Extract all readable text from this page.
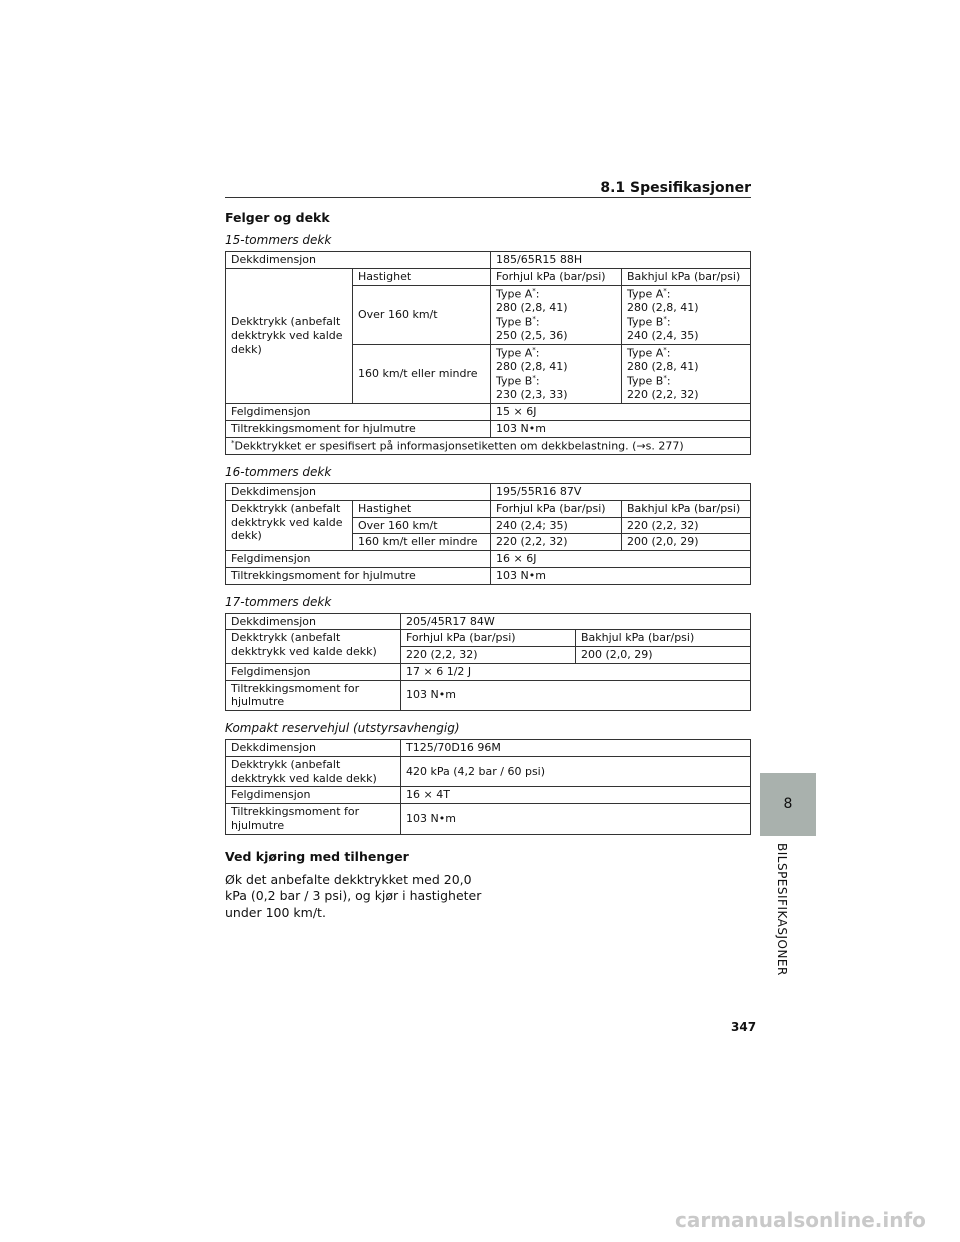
8.1 Spesifikasjoner
8
BILSPESIFIKASJONER
Felger og dekk
15-tommers dekk
Dekkdimensjon		185/65R15 88H	
Dekktrykk (anbefalt dekktrykk ved kalde dekk)	Hastighet	Forhjul kPa (bar/psi)	Bakhjul kPa (bar/psi)
	Over 160 km/t	Type A*:
280 (2,8, 41)
Type B*:
250 (2,5, 36)	Type A*:
280 (2,8, 41)
Type B*:
240 (2,4, 35)
	160 km/t eller mindre	Type A*:
280 (2,8, 41)
Type B*:
230 (2,3, 33)	Type A*:
280 (2,8, 41)
Type B*:
220 (2,2, 32)
Felgdimensjon		15 × 6J	
Tiltrekkingsmoment for hjulmutre		103 N•m	
*Dekktrykket er spesifisert på informasjonsetiketten om dekkbelastning. (→s. 277)			
16-tommers dekk
Dekkdimensjon		195/55R16 87V	
Dekktrykk (anbefalt dekktrykk ved kalde dekk)	Hastighet	Forhjul kPa (bar/psi)	Bakhjul kPa (bar/psi)
	Over 160 km/t	240 (2,4; 35)	220 (2,2, 32)
	160 km/t eller mindre	220 (2,2, 32)	200 (2,0, 29)
Felgdimensjon		16 × 6J	
Tiltrekkingsmoment for hjulmutre		103 N•m	
17-tommers dekk
Dekkdimensjon	205/45R17 84W	
Dekktrykk (anbefalt dekktrykk ved kalde dekk)	Forhjul kPa (bar/psi)	Bakhjul kPa (bar/psi)
	220 (2,2, 32)	200 (2,0, 29)
Felgdimensjon	17 × 6 1/2 J	
Tiltrekkingsmoment for hjulmutre	103 N•m	
Kompakt reservehjul (utstyrsavhengig)
Dekkdimensjon	T125/70D16 96M
Dekktrykk (anbefalt dekktrykk ved kalde dekk)	420 kPa (4,2 bar / 60 psi)
Felgdimensjon	16 × 4T
Tiltrekkingsmoment for hjulmutre	103 N•m
Ved kjøring med tilhenger

Øk det anbefalte dekktrykket med 20,0 kPa (0,2 bar / 3 psi), og kjør i hastigheter under 100 km/t.

347
carmanualsonline.info
